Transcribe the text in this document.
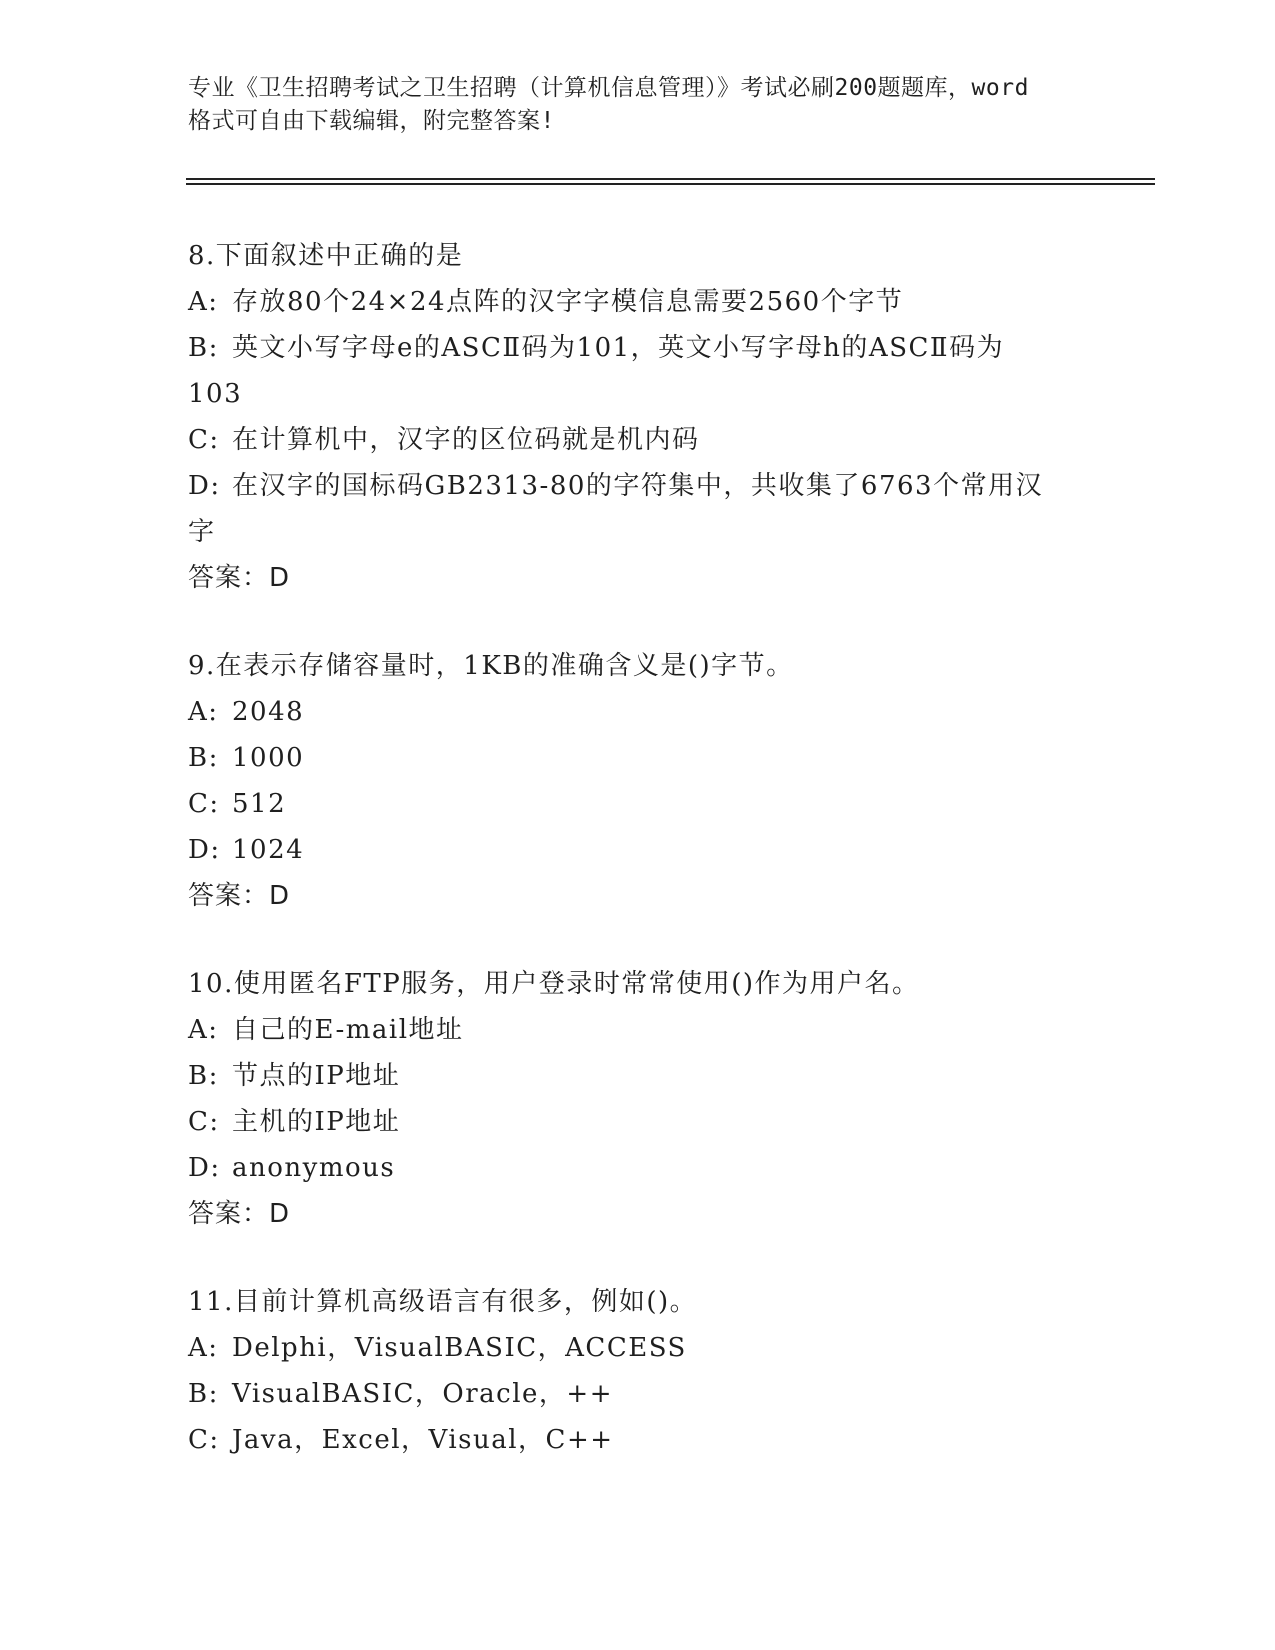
专业《卫生招聘考试之卫生招聘（计算机信息管理）》考试必刷200题题库，word
格式可自由下载编辑，附完整答案!
8.下面叙述中正确的是
A: 存放80个24×24点阵的汉字字模信息需要2560个字节
B: 英文小写字母e的ASCⅡ码为101，英文小写字母h的ASCⅡ码为
103
C: 在计算机中，汉字的区位码就是机内码
D: 在汉字的国标码GB2313-80的字符集中，共收集了6763个常用汉
字
答案：D
9.在表示存储容量时，1KB的准确含义是()字节。
A: 2048
B: 1000
C: 512
D: 1024
答案：D
10.使用匿名FTP服务，用户登录时常常使用()作为用户名。
A: 自己的E-mail地址
B: 节点的IP地址
C: 主机的IP地址
D: anonymous
答案：D
11.目前计算机高级语言有很多，例如()。
A: Delphi，VisualBASIC，ACCESS
B: VisualBASIC，Oracle，++
C: Java，Excel，Visual，C++
